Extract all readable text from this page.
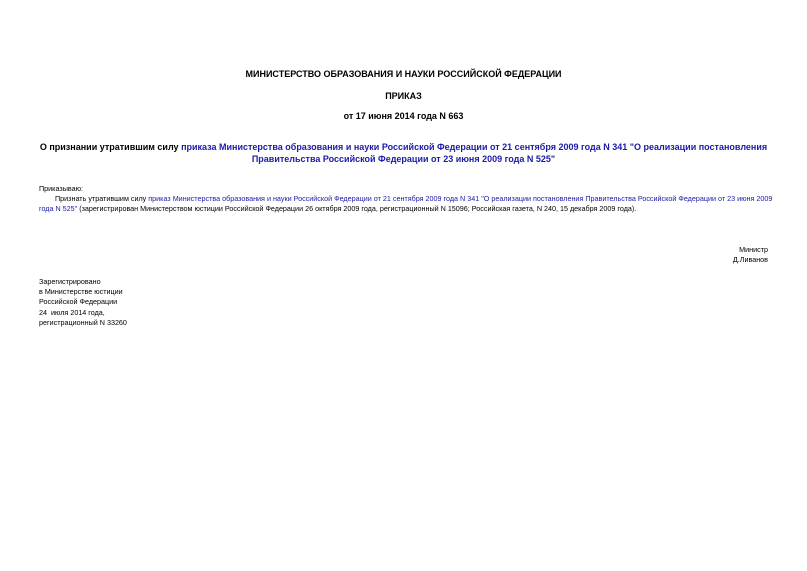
МИНИСТЕРСТВО ОБРАЗОВАНИЯ И НАУКИ РОССИЙСКОЙ ФЕДЕРАЦИИ
ПРИКАЗ
от 17 июня 2014 года N 663
О признании утратившим силу приказа Министерства образования и науки Российской Федерации от 21 сентября 2009 года N 341 "О реализации постановления Правительства Российской Федерации от 23 июня 2009 года N 525"
Приказываю:
Признать утратившим силу приказ Министерства образования и науки Российской Федерации от 21 сентября 2009 года N 341 "О реализации постановления Правительства Российской Федерации от 23 июня 2009 года N 525" (зарегистрирован Министерством юстиции Российской Федерации 26 октября 2009 года, регистрационный N 15096; Российская газета, N 240, 15 декабря 2009 года).
Министр
Д.Ливанов
Зарегистрировано
в Министерстве юстиции
Российской Федерации
24  июля 2014 года,
регистрационный N 33260
